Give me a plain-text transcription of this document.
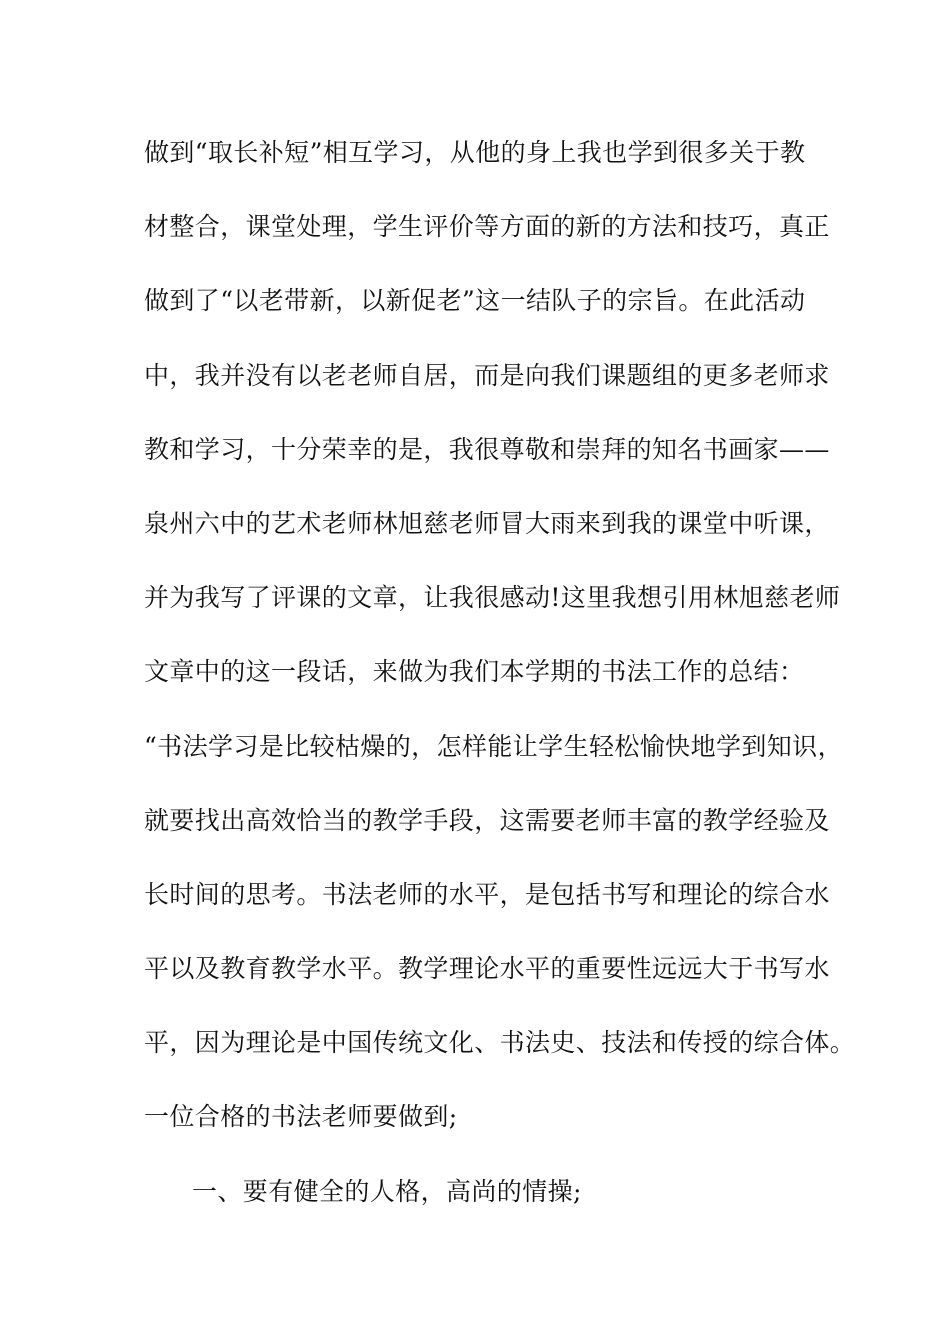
做到“取长补短”相互学习，从他的身上我也学到很多关于教
材整合，课堂处理，学生评价等方面的新的方法和技巧，真正
做到了“以老带新，以新促老”这一结队子的宗旨。在此活动
中，我并没有以老老师自居，而是向我们课题组的更多老师求
教和学习，十分荣幸的是，我很尊敬和崇拜的知名书画家——
泉州六中的艺术老师林旭慈老师冒大雨来到我的课堂中听课，
并为我写了评课的文章，让我很感动!这里我想引用林旭慈老师
文章中的这一段话，来做为我们本学期的书法工作的总结：
“书法学习是比较枯燥的，怎样能让学生轻松愉快地学到知识，
就要找出高效恰当的教学手段，这需要老师丰富的教学经验及
长时间的思考。书法老师的水平，是包括书写和理论的综合水
平以及教育教学水平。教学理论水平的重要性远远大于书写水
平，因为理论是中国传统文化、书法史、技法和传授的综合体。
一位合格的书法老师要做到;
一、要有健全的人格，高尚的情操;
